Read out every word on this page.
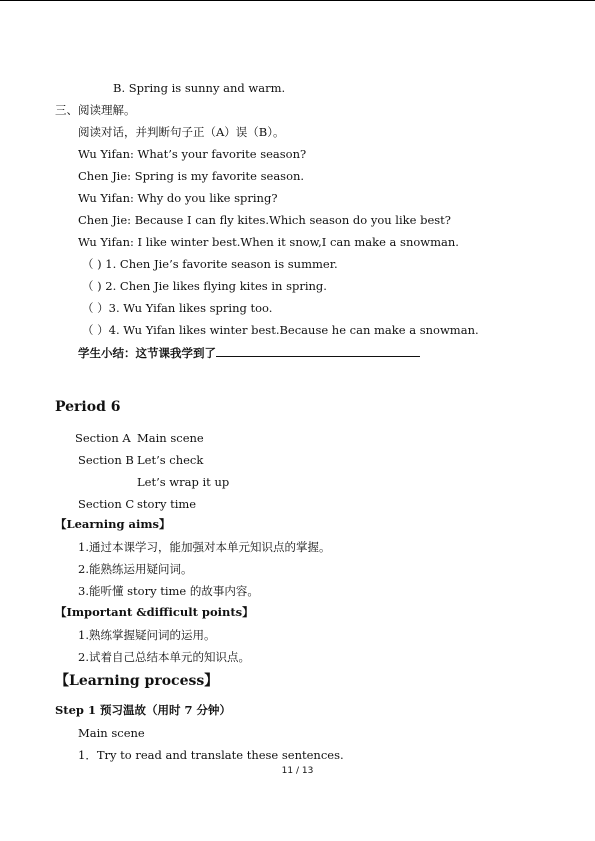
B. Spring is sunny and warm.
三、阅读理解。
阅读对话，并判断句子正（A）误（B）。
Wu Yifan: What’s your favorite season?
Chen Jie: Spring is my favorite season.
Wu Yifan: Why do you like spring?
Chen Jie: Because I can fly kites.Which season do you like best?
Wu Yifan: I like winter best.When it snow,I can make a snowman.
（ ) 1. Chen Jie’s favorite season is summer.
（ ) 2. Chen Jie likes flying kites in spring.
（ ）3. Wu Yifan likes spring too.
（ ）4. Wu Yifan likes winter best.Because he can make a snowman.
学生小结：这节课我学到了
Period 6
Section A Main scene
Section B Let’s check
Let’s wrap it up
Section C story time
【Learning aims】
1.通过本课学习，能加强对本单元知识点的掌握。
2.能熟练运用疑问词。
3.能听懂 story time 的故事内容。
【Important &difficult points】
1.熟练掌握疑问词的运用。
2.试着自己总结本单元的知识点。
【Learning process】
Step 1 预习温故（用时 7 分钟）
Main scene
1．Try to read and translate these sentences.
11 / 13
